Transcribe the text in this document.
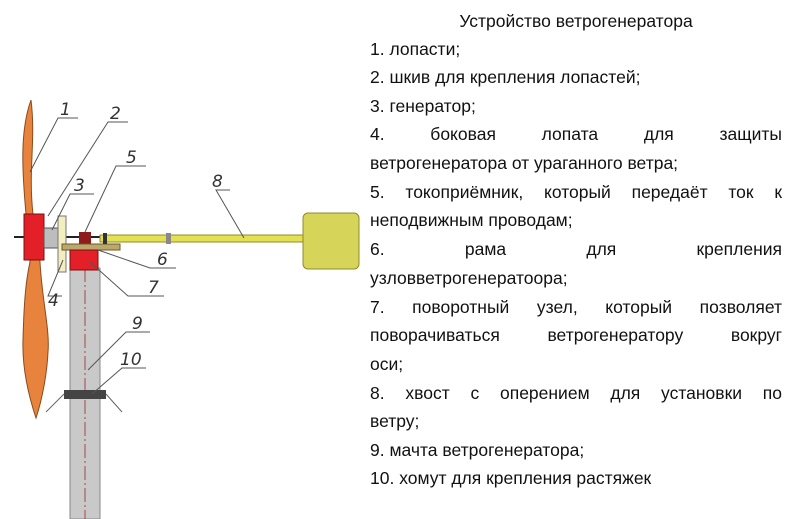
1 2
3
4
5
6
7
8
9
10
Устройство ветрогенератора
1. лопасти;
2. шкив для крепления лопастей;
3. генератор;
4. боковая лопата для защиты
ветрогенератора от ураганного ветра;
5. токоприёмник, который передаёт ток к
неподвижным проводам;
6. рама для крепления
узловветрогенератоора;
7. поворотный узел, который позволяет
поворачиваться ветрогенератору вокруг
оси;
8. хвост с оперением для установки по
ветру;
9. мачта ветрогенератора;
10. хомут для крепления растяжек
